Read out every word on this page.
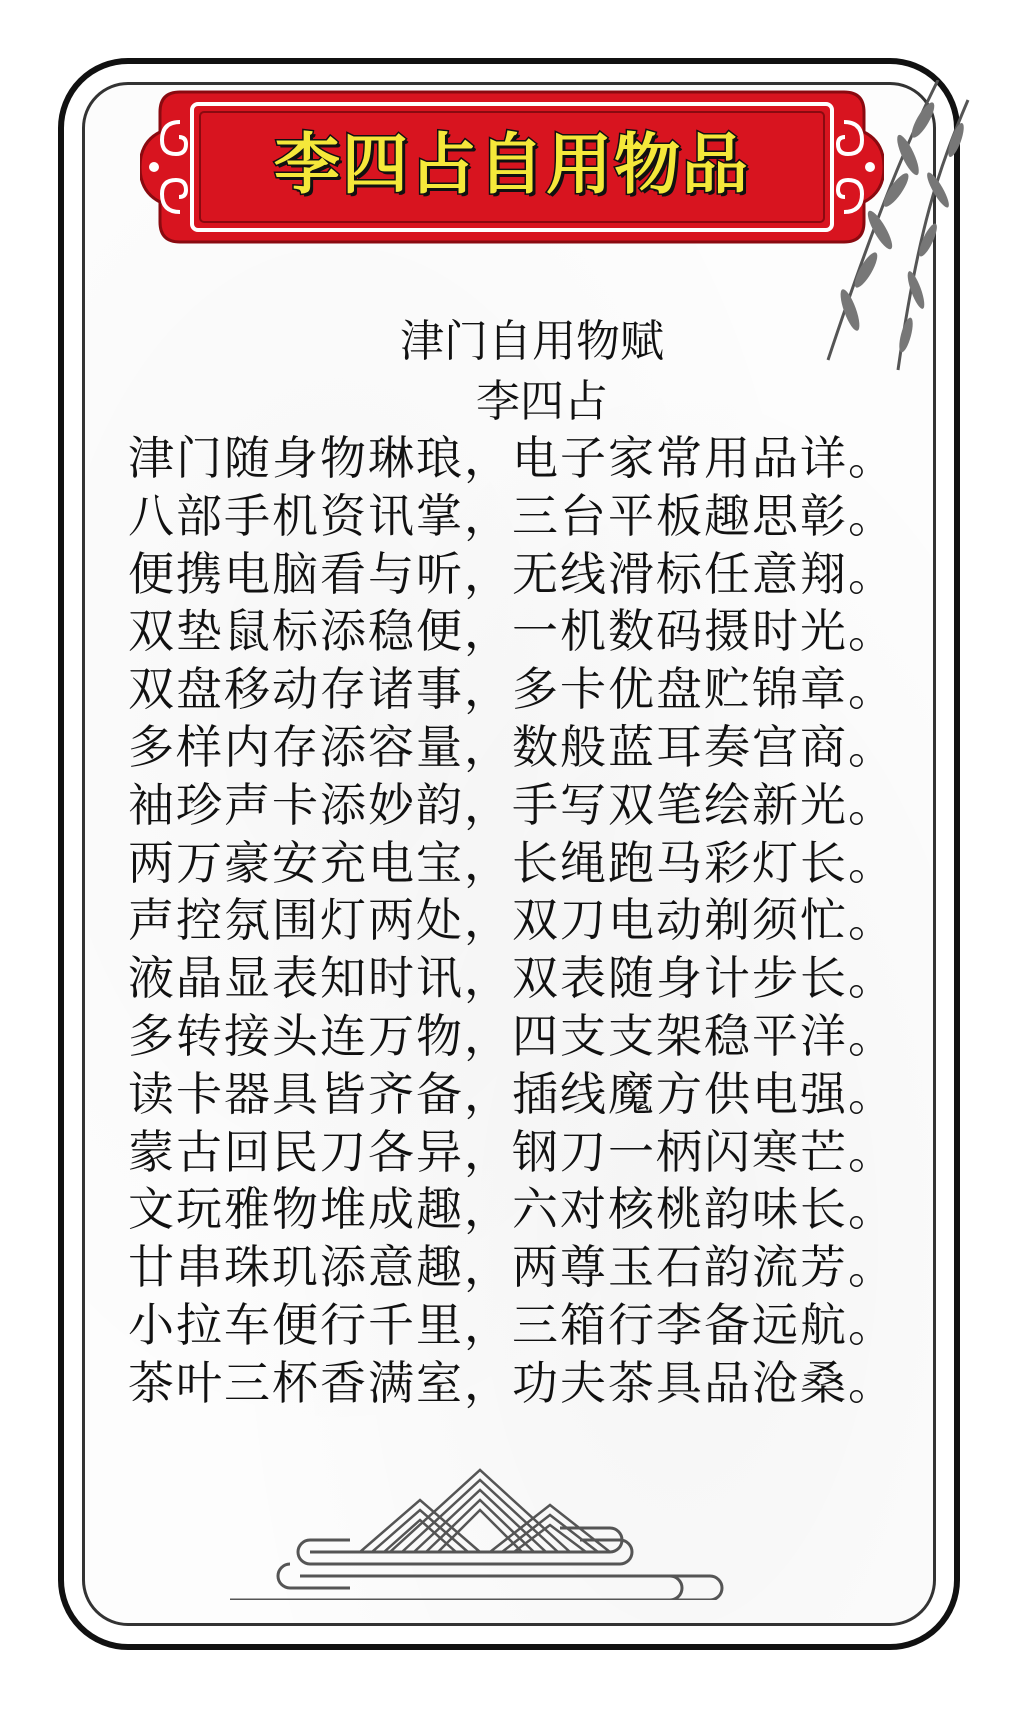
李四占自用物品
津门自用物赋
李四占
津门随身物琳琅，电子家常用品详。
八部手机资讯掌，三台平板趣思彰。
便携电脑看与听，无线滑标任意翔。
双垫鼠标添稳便，一机数码摄时光。
双盘移动存诸事，多卡优盘贮锦章。
多样内存添容量，数般蓝耳奏宫商。
袖珍声卡添妙韵，手写双笔绘新光。
两万豪安充电宝，长绳跑马彩灯长。
声控氛围灯两处，双刀电动剃须忙。
液晶显表知时讯，双表随身计步长。
多转接头连万物，四支支架稳平洋。
读卡器具皆齐备，插线魔方供电强。
蒙古回民刀各异，钢刀一柄闪寒芒。
文玩雅物堆成趣，六对核桃韵味长。
廿串珠玑添意趣，两尊玉石韵流芳。
小拉车便行千里，三箱行李备远航。
茶叶三杯香满室，功夫茶具品沧桑。
